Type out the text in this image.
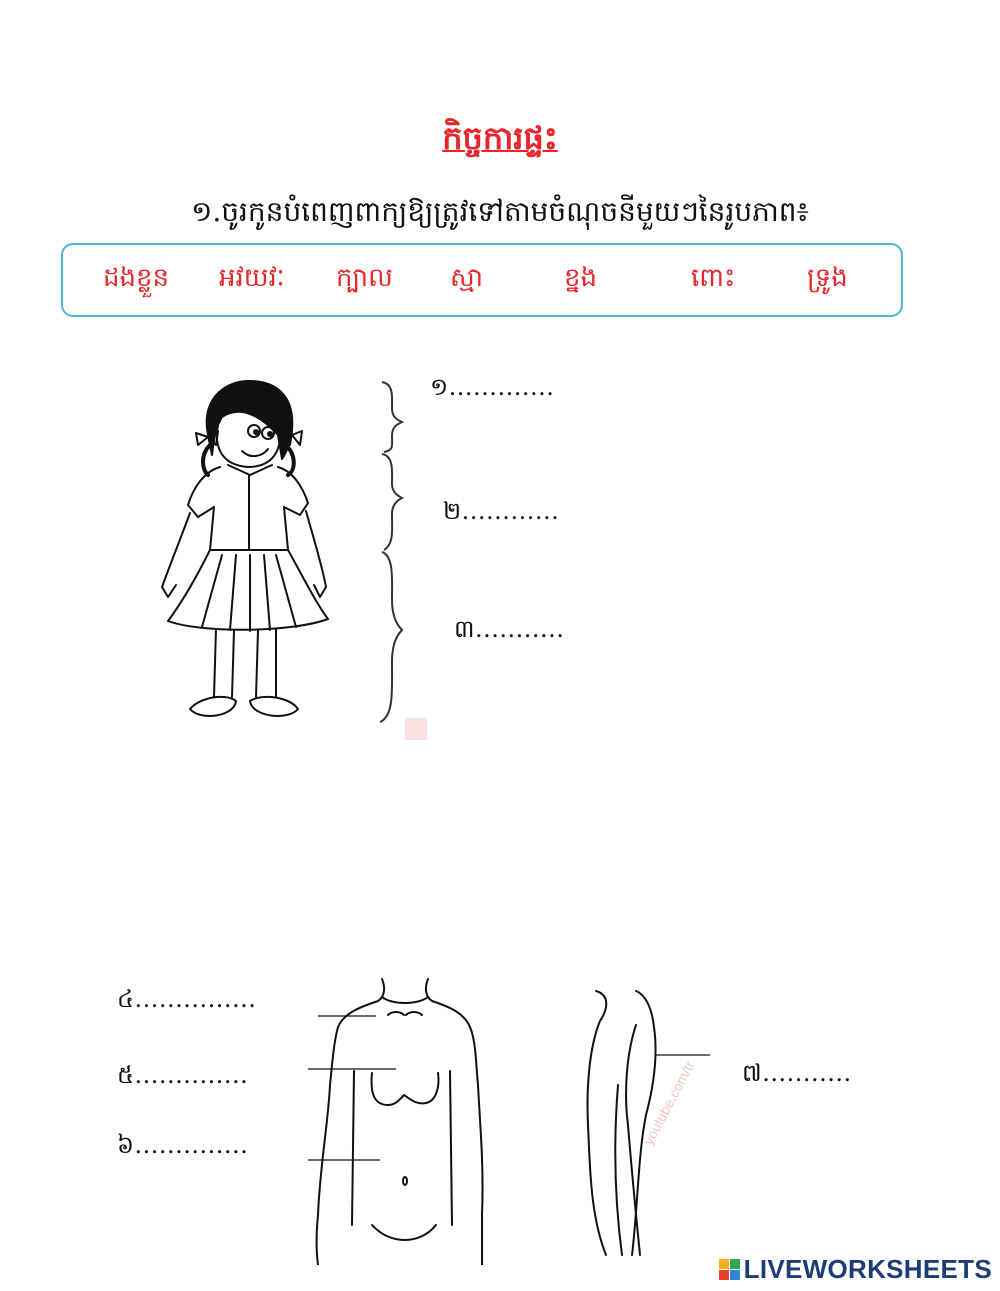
កិច្ចការផ្ទះ
១.ចូរកូនបំពេញពាក្យឱ្យត្រូវទៅតាមចំណុចនីមួយៗនៃរូបភាព៖
ដងខ្លួន អវយវៈ ក្បាល ស្មា	ខ្នង	ពោះ	ទ្រូង
១.............
២............
៣...........
៤...............
៥..............
៦..............
៧...........
youtube.com/tr
LIVEWORKSHEETS
